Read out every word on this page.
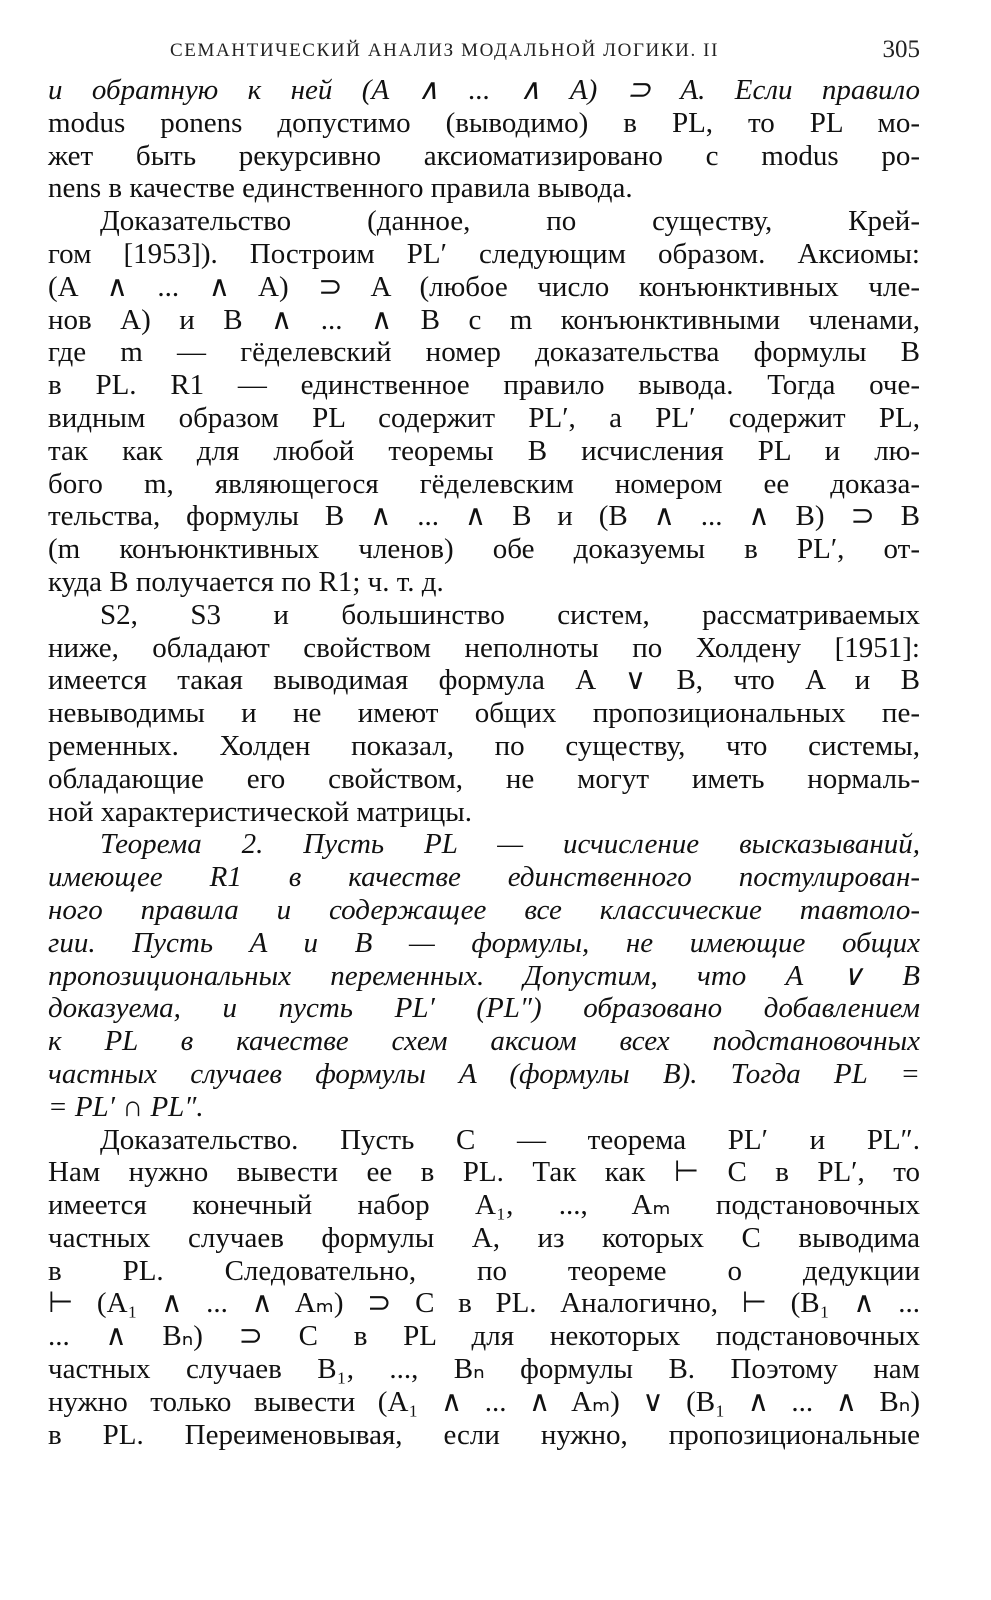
СЕМАНТИЧЕСКИЙ АНАЛИЗ МОДАЛЬНОЙ ЛОГИКИ. II	305

и обратную к ней (A ∧ ... ∧ A) ⊃ A. Если правило
modus ponens допустимо (выводимо) в PL, то PL мо-
жет быть рекурсивно аксиоматизировано с modus po-
nens в качестве единственного правила вывода.

Доказательство (данное, по существу, Крей-
гом [1953]). Построим PL′ следующим образом. Аксиомы:
(A ∧ ... ∧ A) ⊃ A (любое число конъюнктивных чле-
нов A) и B ∧ ... ∧ B с m конъюнктивными членами,
где m — гёделевский номер доказательства формулы B
в PL. R1 — единственное правило вывода. Тогда оче-
видным образом PL содержит PL′, а PL′ содержит PL,
так как для любой теоремы B исчисления PL и лю-
бого m, являющегося гёделевским номером ее доказа-
тельства, формулы B ∧ ... ∧ B и (B ∧ ... ∧ B) ⊃ B
(m конъюнктивных членов) обе доказуемы в PL′, от-
куда B получается по R1; ч. т. д.

S2, S3 и большинство систем, рассматриваемых
ниже, обладают свойством неполноты по Холдену [1951]:
имеется такая выводимая формула A ∨ B, что A и B
невыводимы и не имеют общих пропозициональных пе-
ременных. Холден показал, по существу, что системы,
обладающие его свойством, не могут иметь нормаль-
ной характеристической матрицы.

Теорема 2. Пусть PL — исчисление высказываний,
имеющее R1 в качестве единственного постулирован-
ного правила и содержащее все классические тавтоло-
гии. Пусть A и B — формулы, не имеющие общих
пропозициональных переменных. Допустим, что A ∨ B
доказуема, и пусть PL′ (PL″) образовано добавлением
к PL в качестве схем аксиом всех подстановочных
частных случаев формулы A (формулы B). Тогда PL =
= PL′ ∩ PL″.

Доказательство. Пусть C — теорема PL′ и PL″.
Нам нужно вывести ее в PL. Так как ⊢ C в PL′, то
имеется конечный набор A₁, ..., Aₘ подстановочных
частных случаев формулы A, из которых C выводима
в PL. Следовательно, по теореме о дедукции
⊢ (A₁ ∧ ... ∧ Aₘ) ⊃ C в PL. Аналогично, ⊢ (B₁ ∧ ...
... ∧ Bₙ) ⊃ C в PL для некоторых подстановочных
частных случаев B₁, ..., Bₙ формулы B. Поэтому нам
нужно только вывести (A₁ ∧ ... ∧ Aₘ) ∨ (B₁ ∧ ... ∧ Bₙ)
в PL. Переименовывая, если нужно, пропозициональные
